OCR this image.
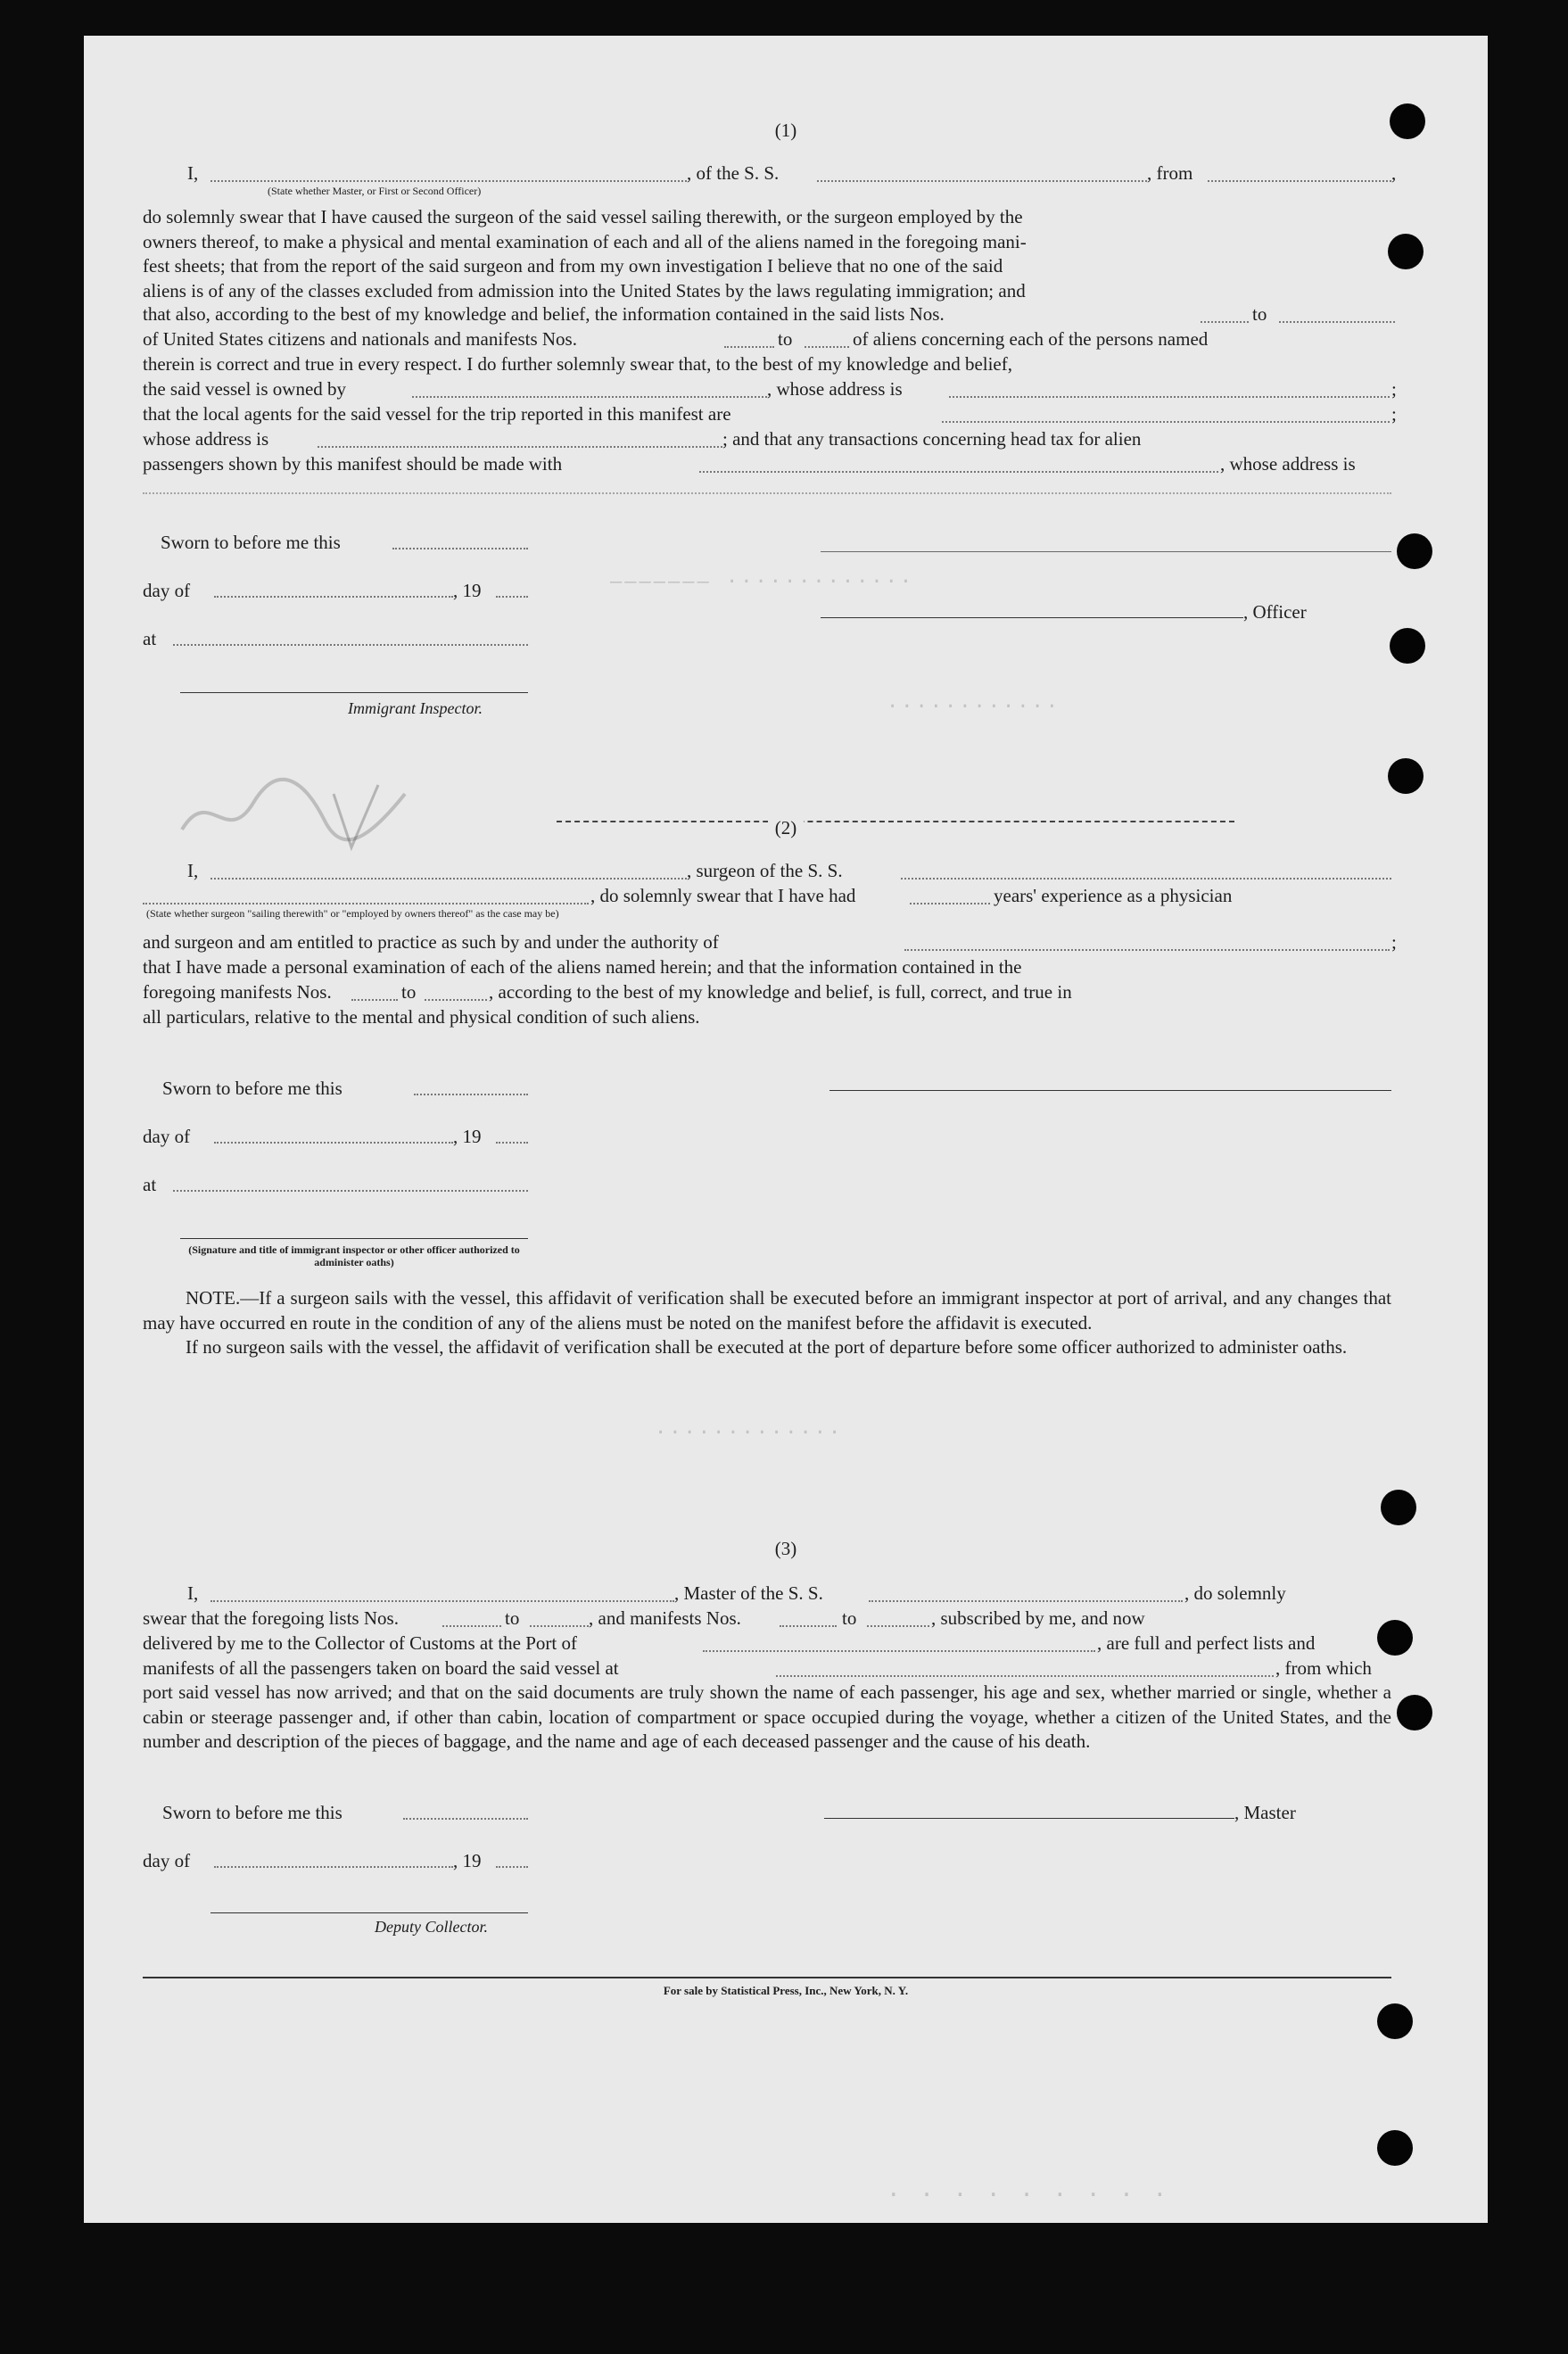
(1)
I,	, of the S. S.	, from	,
(State whether Master, or First or Second Officer)

do solemnly swear that I have caused the surgeon of the said vessel sailing therewith, or the surgeon employed by the

owners thereof, to make a physical and mental examination of each and all of the aliens named in the foregoing mani-

fest sheets; that from the report of the said surgeon and from my own investigation I believe that no one of the said

aliens is of any of the classes excluded from admission into the United States by the laws regulating immigration; and

that also, according to the best of my knowledge and belief, the information contained in the said lists Nos.	to
of United States citizens and nationals and manifests Nos.	to	of aliens concerning each of the persons named
therein is correct and true in every respect. I do further solemnly swear that, to the best of my knowledge and belief,
the said vessel is owned by	, whose address is	;
that the local agents for the said vessel for the trip reported in this manifest are	;
whose address is	; and that any transactions concerning head tax for alien
passengers shown by this manifest should be made with	, whose address is
Sworn to before me this
day of	, 19
at
Immigrant Inspector.
, Officer
——————— ·············
············
(2)
I,	, surgeon of the S. S.
, do solemnly swear that I have had	years' experience as a physician
(State whether surgeon "sailing therewith" or "employed by owners thereof" as the case may be)
and surgeon and am entitled to practice as such by and under the authority of	;
that I have made a personal examination of each of the aliens named herein; and that the information contained in the
foregoing manifests Nos.	to	, according to the best of my knowledge and belief, is full, correct, and true in
all particulars, relative to the mental and physical condition of such aliens.
Sworn to before me this
day of	, 19
at
(Signature and title of immigrant inspector or other officer authorized to administer oaths)

NOTE.—If a surgeon sails with the vessel, this affidavit of verification shall be executed before an immigrant inspector at port of arrival, and any changes that may have occurred en route in the condition of any of the aliens must be noted on the manifest before the affidavit is executed.

If no surgeon sails with the vessel, the affidavit of verification shall be executed at the port of departure before some officer authorized to administer oaths.

·············
(3)
I,	, Master of the S. S.	, do solemnly
swear that the foregoing lists Nos.	to	, and manifests Nos.	to	, subscribed by me, and now
delivered by me to the Collector of Customs at the Port of	, are full and perfect lists and
manifests of all the passengers taken on board the said vessel at	, from which
port said vessel has now arrived; and that on the said documents are truly shown the name of each passenger, his age and sex, whether married or single, whether a cabin or steerage passenger and, if other than cabin, location of compartment or space occupied during the voyage, whether a citizen of the United States, and the number and description of the pieces of baggage, and the name and age of each deceased passenger and the cause of his death.
Sworn to before me this	, Master
day of	, 19
Deputy Collector.
For sale by Statistical Press, Inc., New York, N. Y.
· · · · · · · · ·
